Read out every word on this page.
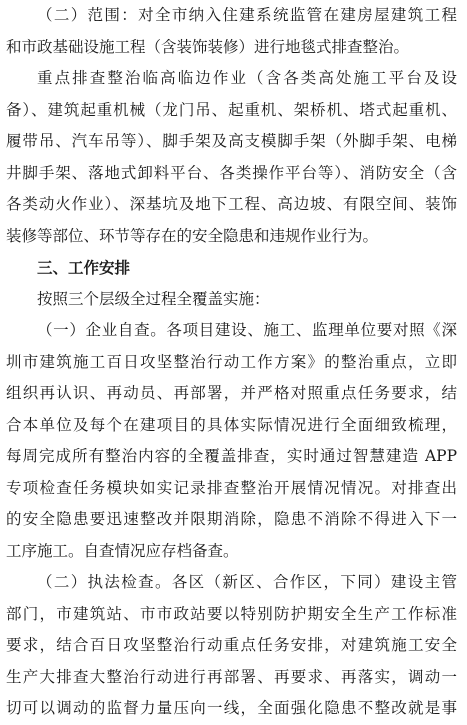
（二）范围：对全市纳入住建系统监管在建房屋建筑工程
和市政基础设施工程（含装饰装修）进行地毯式排查整治。
重点排查整治临高临边作业（含各类高处施工平台及设
备）、建筑起重机械（龙门吊、起重机、架桥机、塔式起重机、
履带吊、汽车吊等）、脚手架及高支模脚手架（外脚手架、电梯
井脚手架、落地式卸料平台、各类操作平台等）、消防安全（含
各类动火作业）、深基坑及地下工程、高边坡、有限空间、装饰
装修等部位、环节等存在的安全隐患和违规作业行为。
三、工作安排
按照三个层级全过程全覆盖实施：
（一）企业自查。各项目建设、施工、监理单位要对照《深
圳市建筑施工百日攻坚整治行动工作方案》的整治重点，立即
组织再认识、再动员、再部署，并严格对照重点任务要求，结
合本单位及每个在建项目的具体实际情况进行全面细致梳理，
每周完成所有整治内容的全覆盖排查，实时通过智慧建造 APP
专项检查任务模块如实记录排查整治开展情况情况。对排查出
的安全隐患要迅速整改并限期消除，隐患不消除不得进入下一
工序施工。自查情况应存档备查。
（二）执法检查。各区（新区、合作区，下同）建设主管
部门，市建筑站、市市政站要以特别防护期安全生产工作标准
要求，结合百日攻坚整治行动重点任务安排，对建筑施工安全
生产大排查大整治行动进行再部署、再要求、再落实，调动一
切可以调动的监督力量压向一线，全面强化隐患不整改就是事
